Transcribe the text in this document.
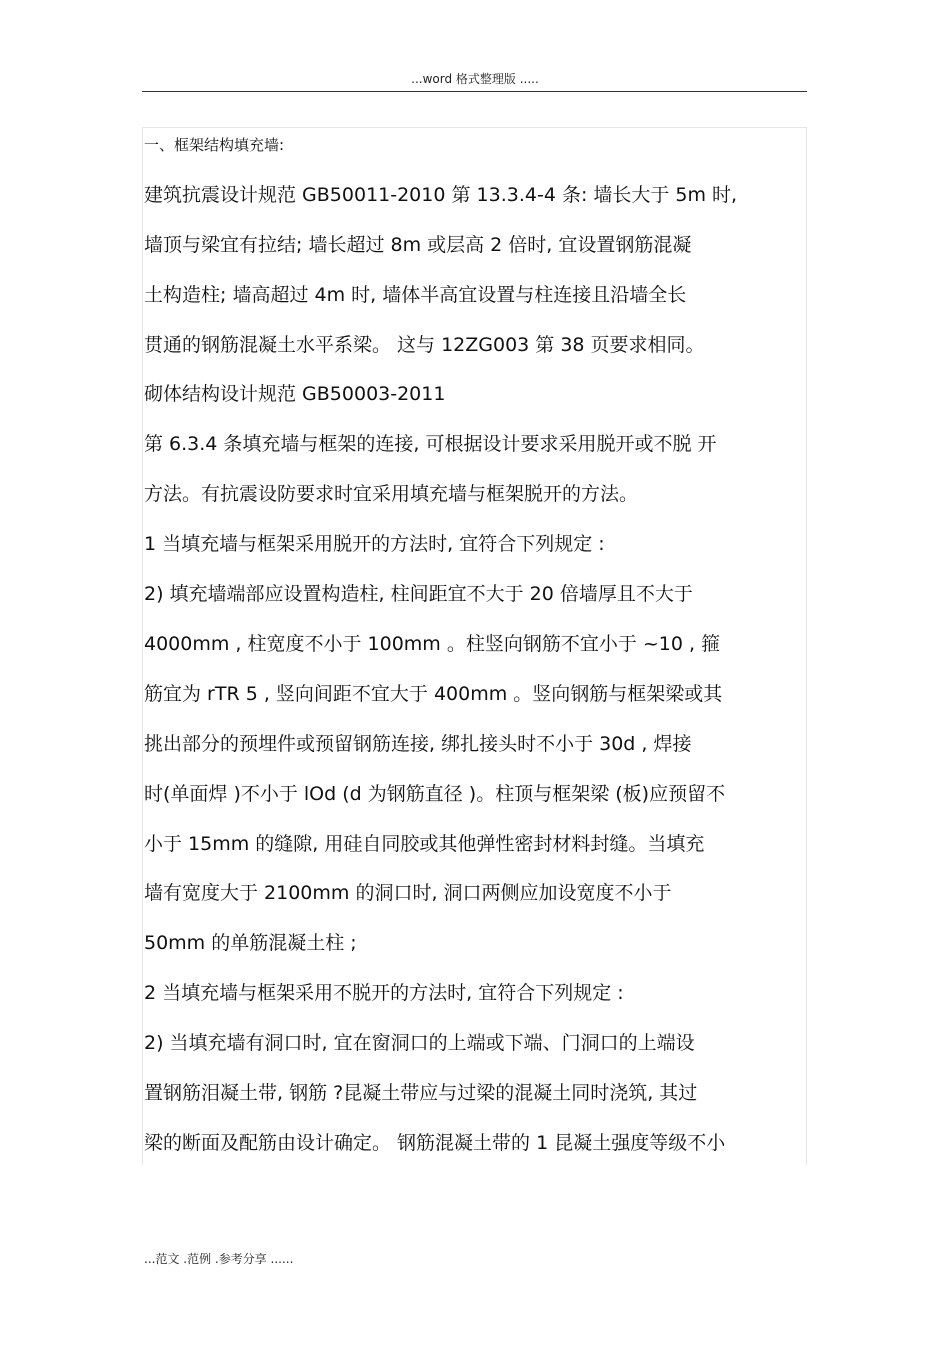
...word 格式整理版 .....
一、框架结构填充墙:
建筑抗震设计规范 GB50011-2010 第 13.3.4-4 条: 墙长大于 5m 时,
墙顶与梁宜有拉结; 墙长超过 8m 或层高 2 倍时, 宜设置钢筋混凝
土构造柱; 墙高超过 4m 时, 墙体半高宜设置与柱连接且沿墙全长
贯通的钢筋混凝土水平系梁。 这与 12ZG003 第 38 页要求相同。
砌体结构设计规范 GB50003-2011
第 6.3.4 条填充墙与框架的连接, 可根据设计要求采用脱开或不脱 开
方法。有抗震设防要求时宜采用填充墙与框架脱开的方法。
1 当填充墙与框架采用脱开的方法时, 宜符合下列规定 :
2) 填充墙端部应设置构造柱, 柱间距宜不大于 20 倍墙厚且不大于
4000mm , 柱宽度不小于 100mm 。柱竖向钢筋不宜小于 ~10 , 箍
筋宜为 rTR 5 , 竖向间距不宜大于 400mm 。竖向钢筋与框架梁或其
挑出部分的预埋件或预留钢筋连接, 绑扎接头时不小于 30d , 焊接
时(单面焊 )不小于 lOd (d 为钢筋直径 )。柱顶与框架梁 (板)应预留不
小于 15mm 的缝隙, 用硅自同胶或其他弹性密封材料封缝。当填充
墙有宽度大于 2100mm 的洞口时, 洞口两侧应加设宽度不小于
50mm 的单筋混凝土柱 ;
2 当填充墙与框架采用不脱开的方法时, 宜符合下列规定 :
2) 当填充墙有洞口时, 宜在窗洞口的上端或下端、门洞口的上端设
置钢筋泪凝土带, 钢筋 ?昆凝土带应与过梁的混凝土同时浇筑, 其过
梁的断面及配筋由设计确定。 钢筋混凝土带的 1 昆凝土强度等级不小
...范文 .范例 .参考分享 ......
